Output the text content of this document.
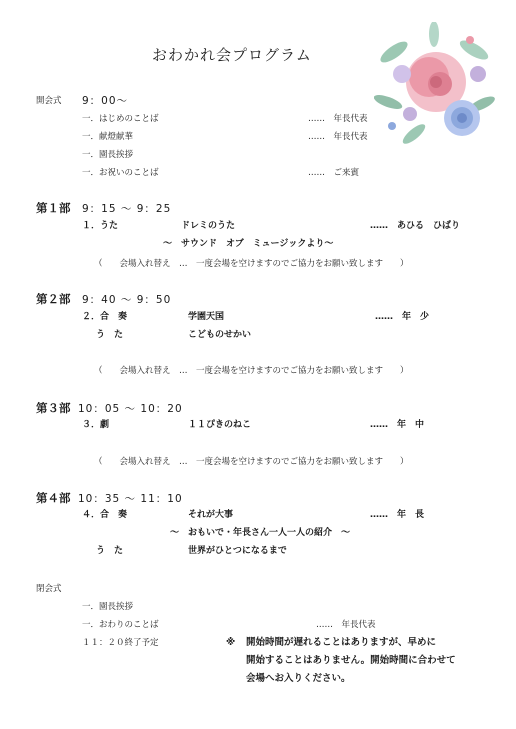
おわかれ会プログラム
開会式 9：00～
一．はじめのことば	……　年長代表
一．献燈献華	……　年長代表
一．園長挨拶
一．お祝いのことば	……　ご来賓
第１部 9：15 ～ 9：25
１．うた	ドレミのうた	……　あひる　ひばり
～　サウンド　オブ　ミュージックより～
（　　会場入れ替え　…　一度会場を空けますのでご協力をお願い致します　　）
第２部 9：40 ～ 9：50
２．合　奏	学園天国	……　年　少
う　た	こどものせかい
（　　会場入れ替え　…　一度会場を空けますのでご協力をお願い致します　　）
第３部 10：05 ～ 10：20
３．劇	１１ぴきのねこ	……　年　中
（　　会場入れ替え　…　一度会場を空けますのでご協力をお願い致します　　）
第４部 10：35 ～ 11：10
４．合　奏	それが大事	……　年　長
～　おもいで・年長さん一人一人の紹介　～
う　た	世界がひとつになるまで
閉会式
一．園長挨拶
一．おわりのことば	……　年長代表
１１：２０終了予定	※ 開始時間が遅れることはありますが、早めに
開始することはありません。開始時間に合わせて
会場へお入りください。
